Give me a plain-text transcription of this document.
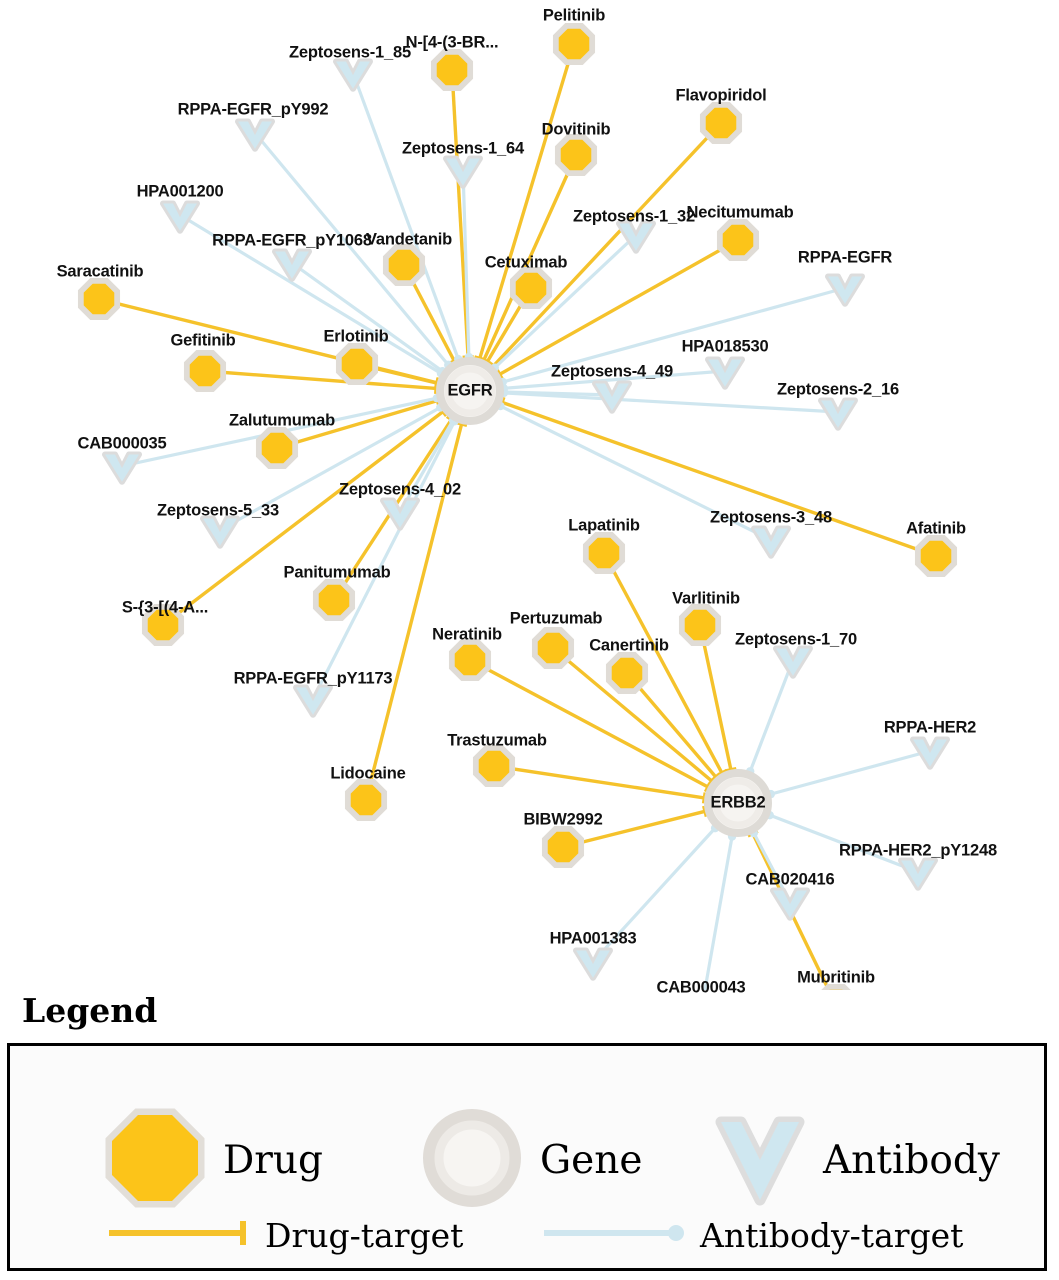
Pelitinib
N-[4-(3-BR...
Flavopiridol
Dovitinib
Necitumumab
Vandetanib
Cetuximab
Saracatinib
Erlotinib
Gefitinib
Zalutumumab
Afatinib
Lapatinib
Panitumumab
S-{3-[(4-A...	Varlitinib
Pertuzumab
Neratinib
Canertinib
Trastuzumab
Lidocaine
BIBW2992
Mubritinib
Zeptosens-1_85
RPPA-EGFR_pY992
Zeptosens-1_64
HPA001200
Zeptosens-1_32
RPPA-EGFR_pY1068
RPPA-EGFR
HPA018530
Zeptosens-4_49
Zeptosens-2_16
CAB000035
Zeptosens-4_02
Zeptosens-5_33	Zeptosens-3_48
Zeptosens-1_70
RPPA-EGFR_pY1173
RPPA-HER2
RPPA-HER2_pY1248
CAB020416
HPA001383
CAB000043
EGFR
ERBB2
Legend
Drug	Gene	Antibody
Drug-target	Antibody-target
